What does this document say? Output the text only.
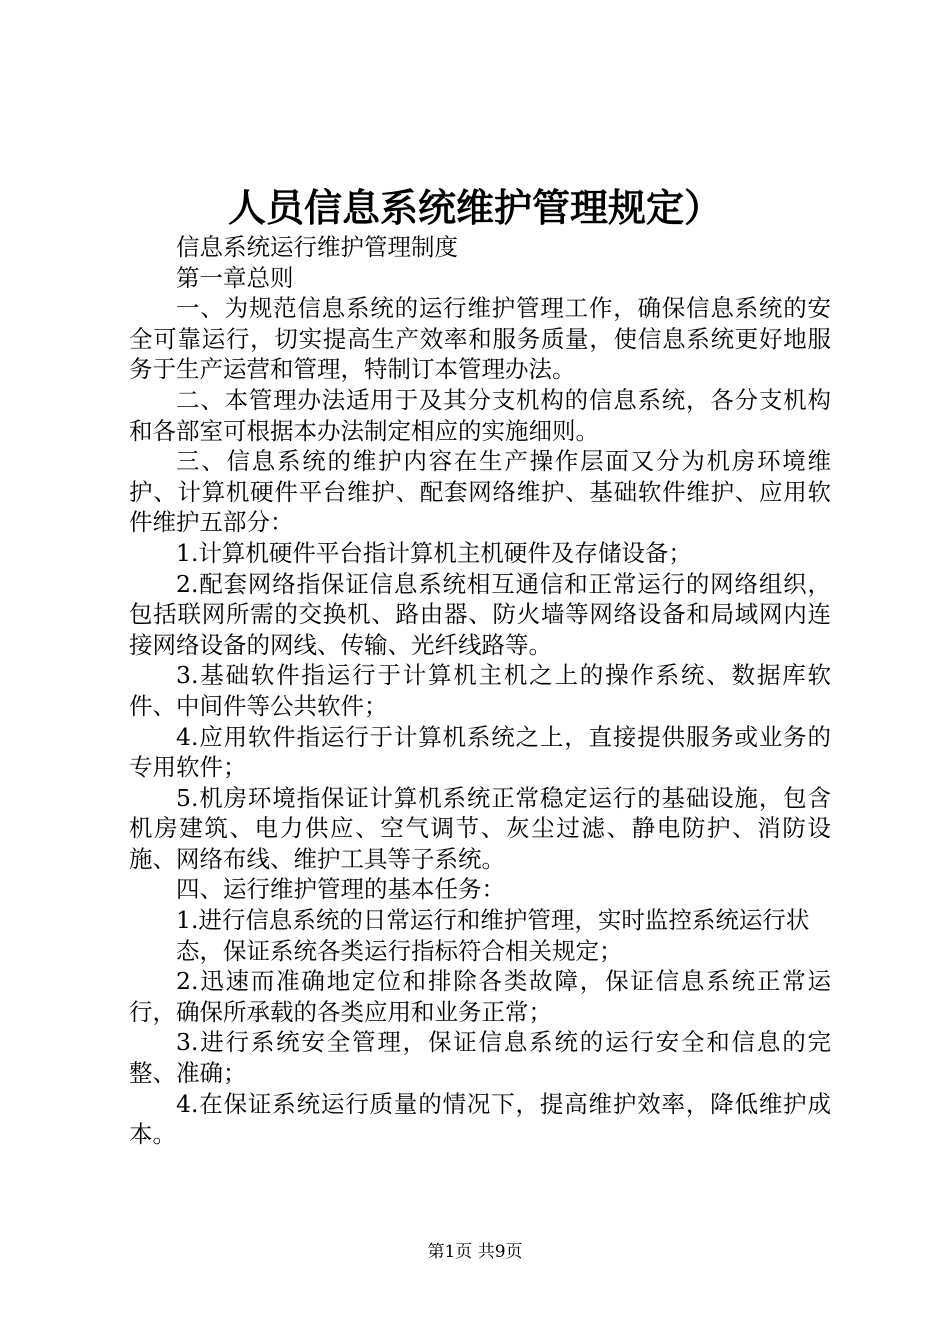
人员信息系统维护管理规定）

信息系统运行维护管理制度

第一章总则

一、为规范信息系统的运行维护管理工作，确保信息系统的安全可靠运行，切实提高生产效率和服务质量，使信息系统更好地服务于生产运营和管理，特制订本管理办法。

二、本管理办法适用于及其分支机构的信息系统，各分支机构和各部室可根据本办法制定相应的实施细则。

三、信息系统的维护内容在生产操作层面又分为机房环境维护、计算机硬件平台维护、配套网络维护、基础软件维护、应用软件维护五部分：

1.计算机硬件平台指计算机主机硬件及存储设备；

2.配套网络指保证信息系统相互通信和正常运行的网络组织，包括联网所需的交换机、路由器、防火墙等网络设备和局域网内连接网络设备的网线、传输、光纤线路等。

3.基础软件指运行于计算机主机之上的操作系统、数据库软件、中间件等公共软件；

4.应用软件指运行于计算机系统之上，直接提供服务或业务的专用软件；

5.机房环境指保证计算机系统正常稳定运行的基础设施，包含机房建筑、电力供应、空气调节、灰尘过滤、静电防护、消防设施、网络布线、维护工具等子系统。

四、运行维护管理的基本任务：

1.进行信息系统的日常运行和维护管理，实时监控系统运行状

态，保证系统各类运行指标符合相关规定；

2.迅速而准确地定位和排除各类故障，保证信息系统正常运行，确保所承载的各类应用和业务正常；

3.进行系统安全管理，保证信息系统的运行安全和信息的完整、准确；

4.在保证系统运行质量的情况下，提高维护效率，降低维护成本。

第1页 共9页
